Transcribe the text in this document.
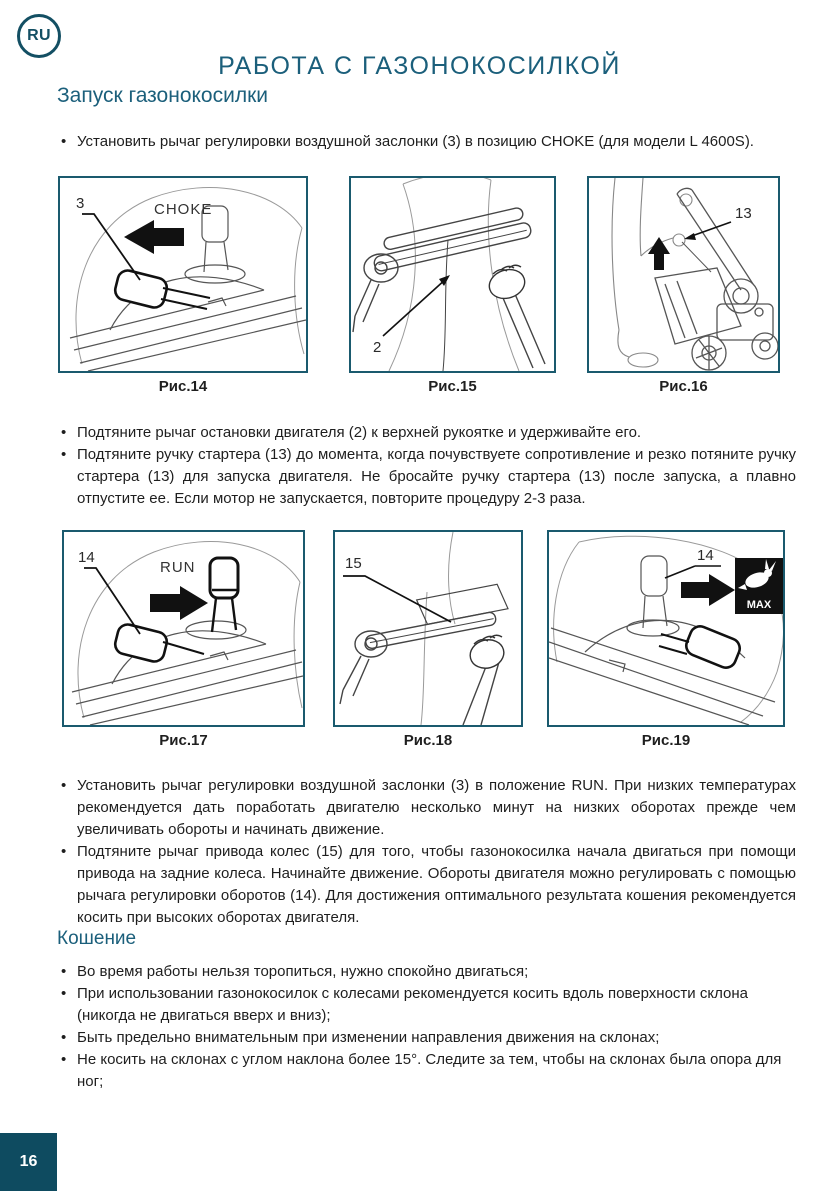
RU
РАБОТА С ГАЗОНОКОСИЛКОЙ
Запуск газонокосилки
• Установить рычаг регулировки воздушной заслонки (3) в позицию CHOKE (для модели L 4600S).
3	CHOKE
Рис.14
2
Рис.15
13
Рис.16
• Подтяните рычаг остановки двигателя (2) к верхней рукоятке и удерживайте его.
• Подтяните ручку стартера (13) до момента, когда почувствуете сопротивление и резко потяните ручку стартера (13) для запуска двигателя. Не бросайте ручку стартера (13) после запуска, а плавно отпустите ее. Если мотор не запускается, повторите процедуру 2-3 раза.
14
RUN
Рис.17
15
Рис.18
14
MAX
Рис.19
• Установить рычаг регулировки воздушной заслонки (3) в положение RUN. При низких температурах рекомендуется дать поработать двигателю несколько минут на низких оборотах прежде чем увеличивать обороты и начинать движение.
• Подтяните рычаг привода колес (15) для того, чтобы газонокосилка начала двигаться при помощи привода на задние колеса. Начинайте движение. Обороты двигателя можно регулировать с помощью рычага регулировки оборотов (14). Для достижения оптимального результата кошения рекомендуется косить при высоких оборотах двигателя.
Кошение
• Во время работы нельзя торопиться, нужно спокойно двигаться;
• При использовании газонокосилок с колесами рекомендуется косить вдоль поверхности склона (никогда не двигаться вверх и вниз);
• Быть предельно внимательным при изменении направления движения на склонах;
• Не косить на склонах с углом наклона более 15°. Следите за тем, чтобы на склонах была опора для ног;
16
